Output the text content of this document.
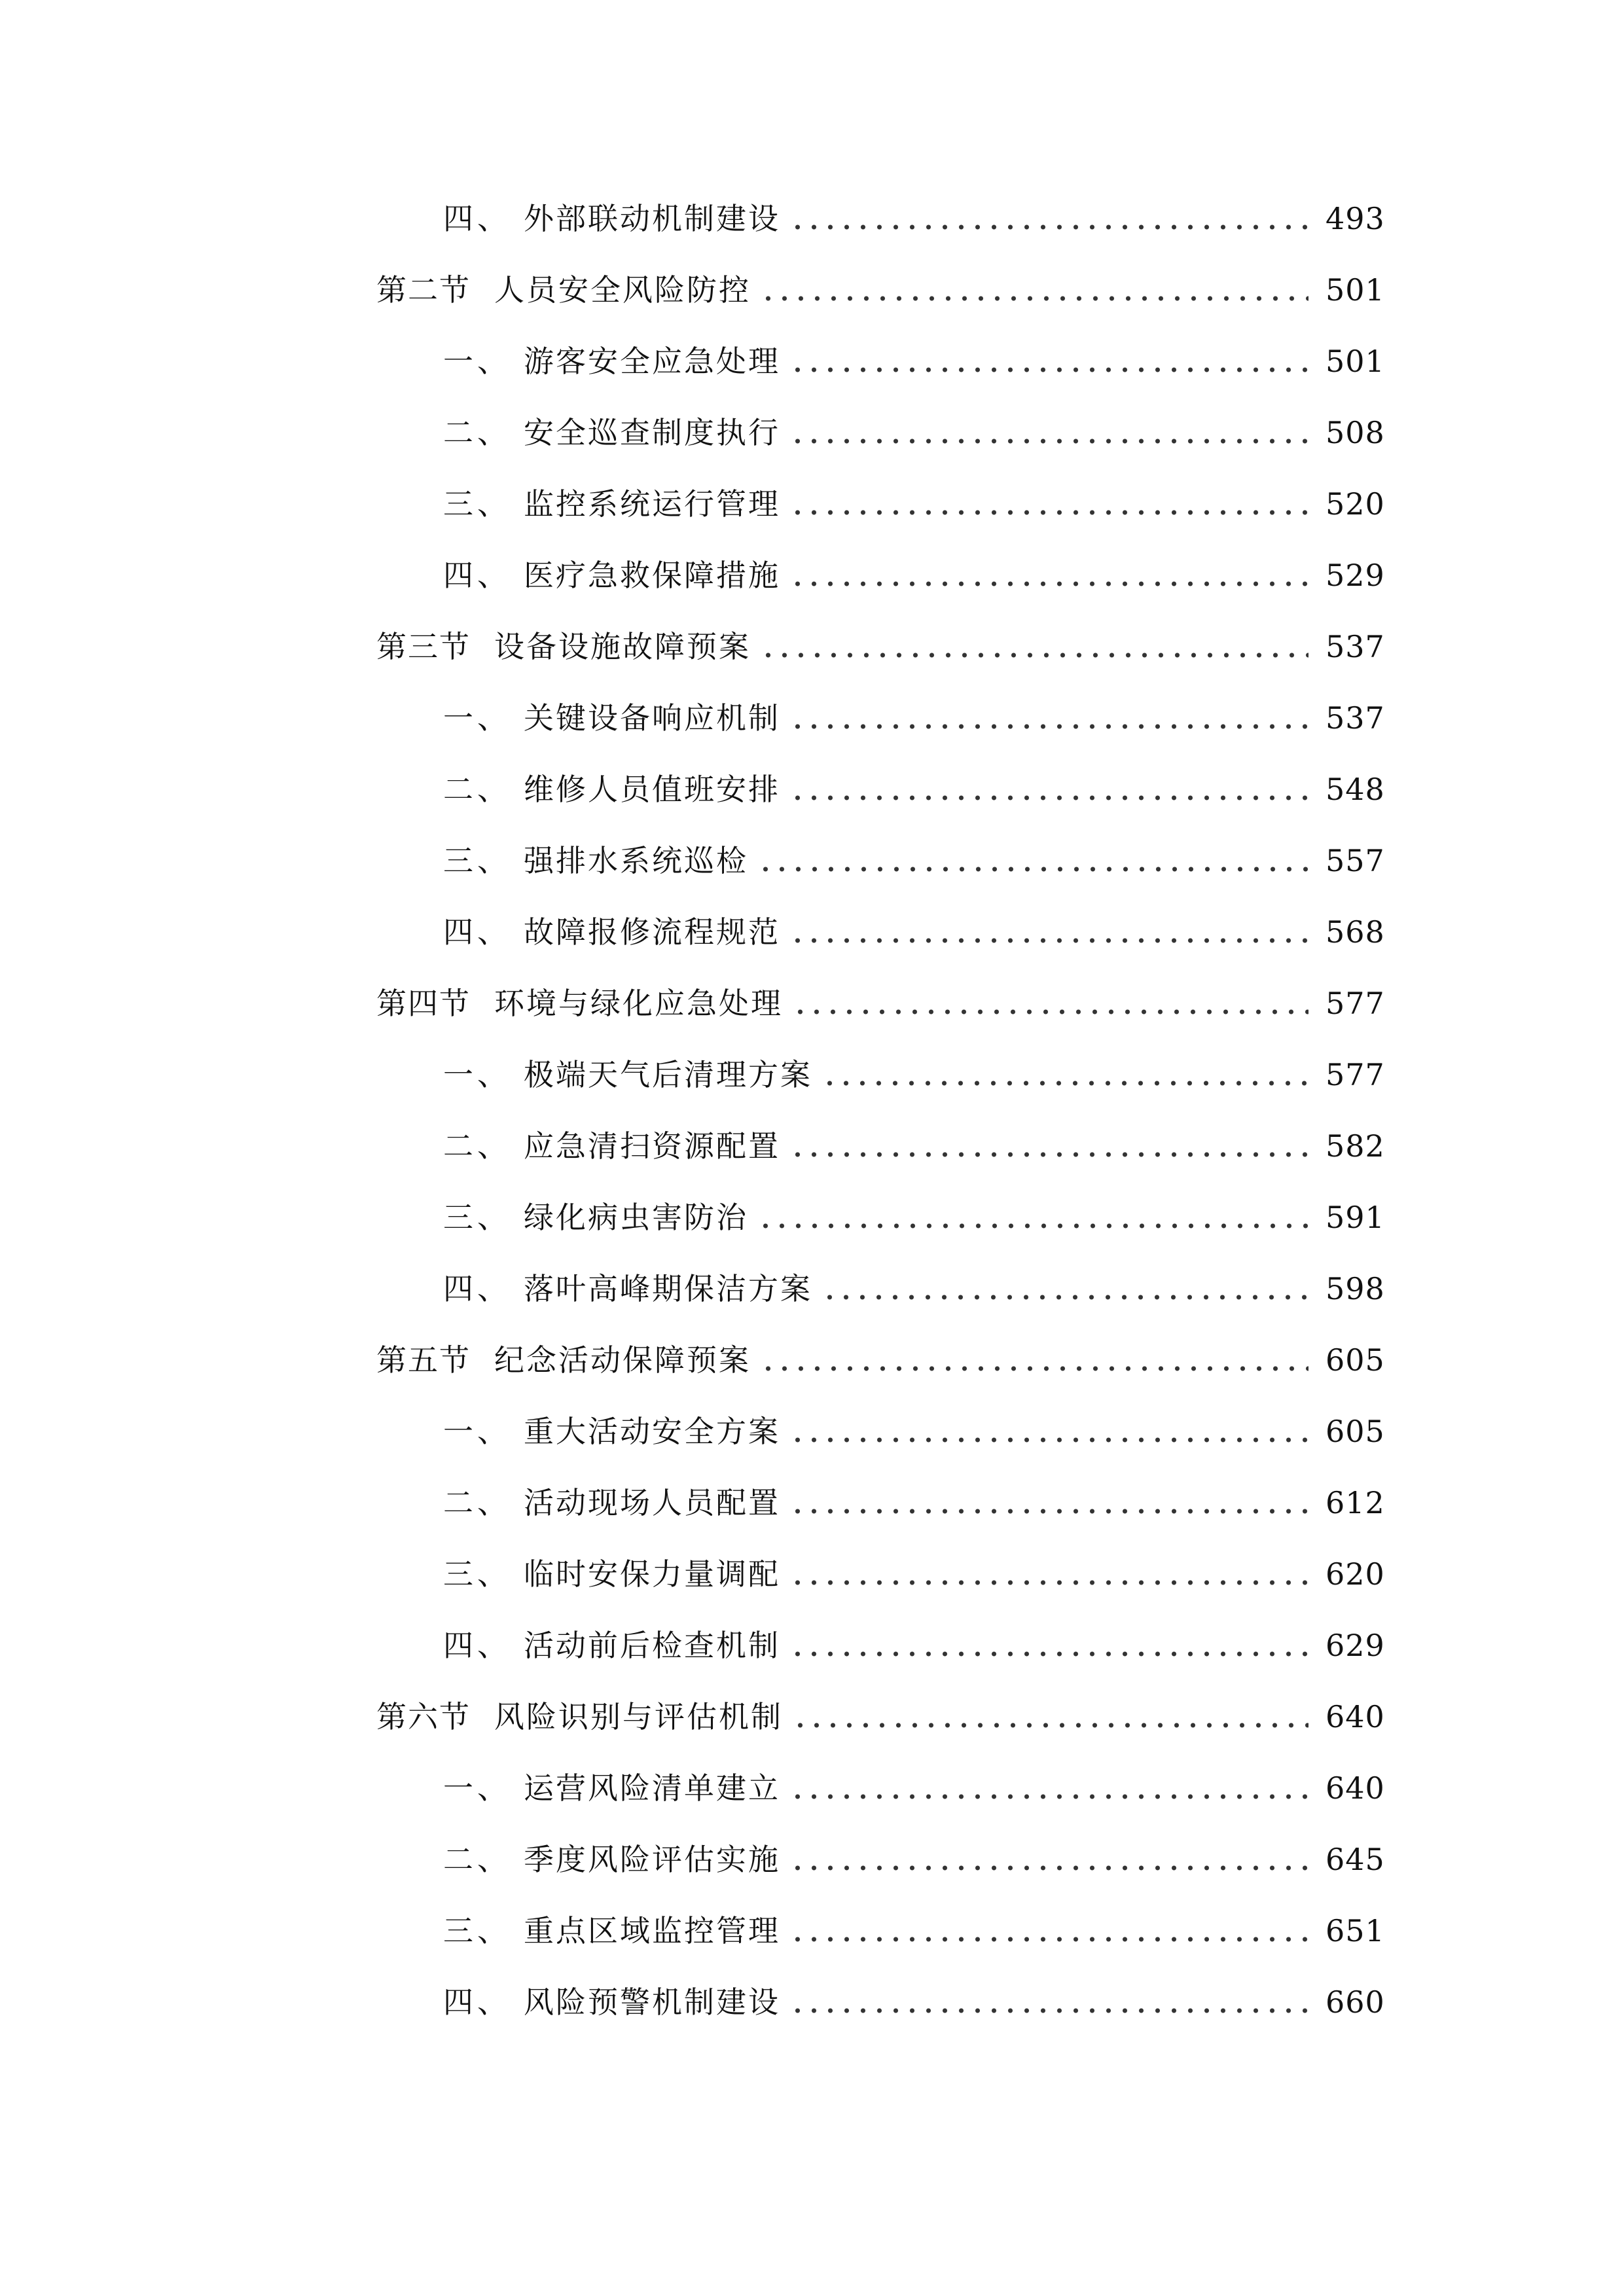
四、 外部联动机制建设	493
第二节 人员安全风险防控	501
一、 游客安全应急处理	501
二、 安全巡查制度执行	508
三、 监控系统运行管理	520
四、 医疗急救保障措施	529
第三节 设备设施故障预案	537
一、 关键设备响应机制	537
二、 维修人员值班安排	548
三、 强排水系统巡检	557
四、 故障报修流程规范	568
第四节 环境与绿化应急处理	577
一、 极端天气后清理方案	577
二、 应急清扫资源配置	582
三、 绿化病虫害防治	591
四、 落叶高峰期保洁方案	598
第五节 纪念活动保障预案	605
一、 重大活动安全方案	605
二、 活动现场人员配置	612
三、 临时安保力量调配	620
四、 活动前后检查机制	629
第六节 风险识别与评估机制	640
一、 运营风险清单建立	640
二、 季度风险评估实施	645
三、 重点区域监控管理	651
四、 风险预警机制建设	660
